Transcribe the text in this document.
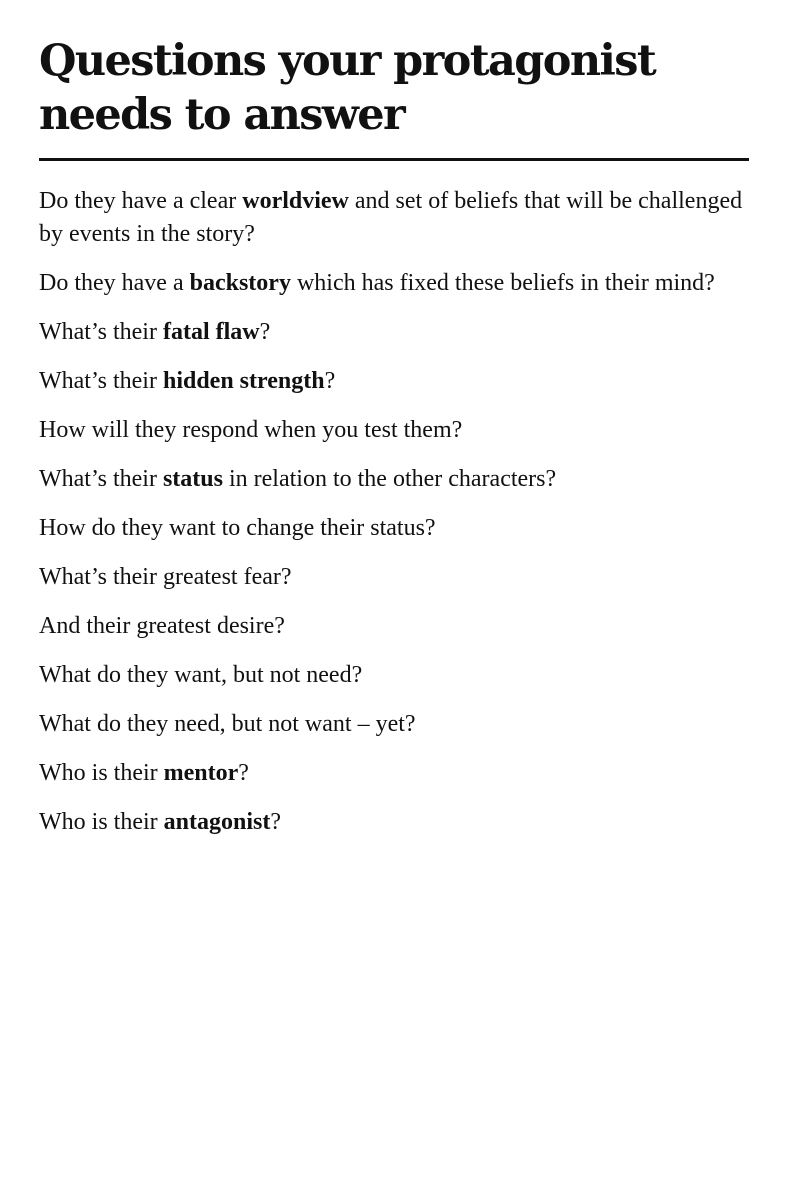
Questions your protagonist needs to answer
Do they have a clear worldview and set of beliefs that will be challenged by events in the story?
Do they have a backstory which has fixed these beliefs in their mind?
What’s their fatal flaw?
What’s their hidden strength?
How will they respond when you test them?
What’s their status in relation to the other characters?
How do they want to change their status?
What’s their greatest fear?
And their greatest desire?
What do they want, but not need?
What do they need, but not want – yet?
Who is their mentor?
Who is their antagonist?
